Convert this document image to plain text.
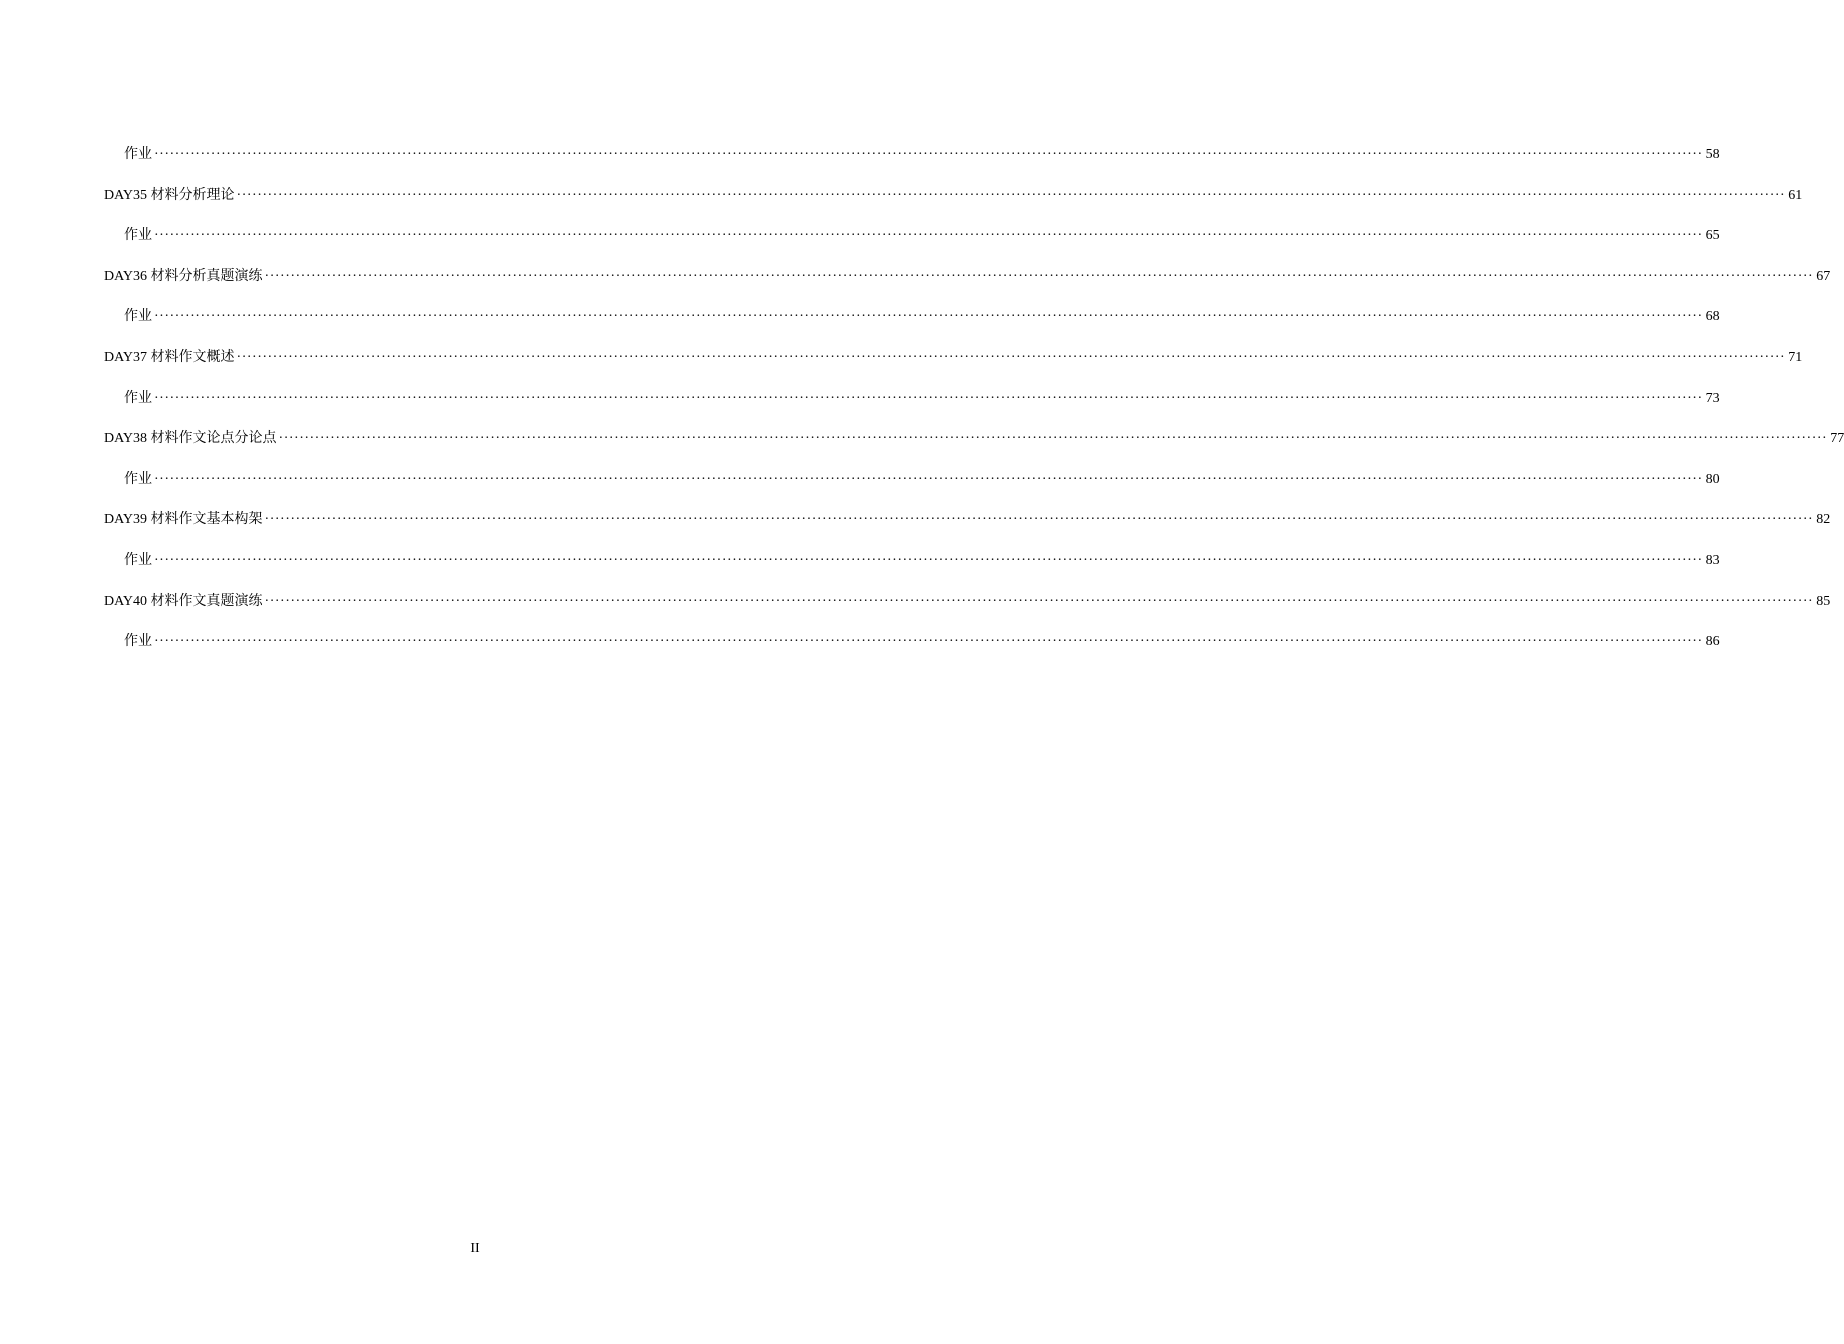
作业 ············································································································································································································································································································ 58
DAY35 材料分析理论 ············································································································································································································································································································ 61
作业 ············································································································································································································································································································ 65
DAY36 材料分析真题演练 ············································································································································································································································································································ 67
作业 ············································································································································································································································································································ 68
DAY37 材料作文概述 ············································································································································································································································································································ 71
作业 ············································································································································································································································································································ 73
DAY38 材料作文论点分论点 ············································································································································································································································································································ 77
作业 ············································································································································································································································································································ 80
DAY39 材料作文基本构架 ············································································································································································································································································································ 82
作业 ············································································································································································································································································································ 83
DAY40 材料作文真题演练 ············································································································································································································································································································ 85
作业 ············································································································································································································································································································ 86
II
